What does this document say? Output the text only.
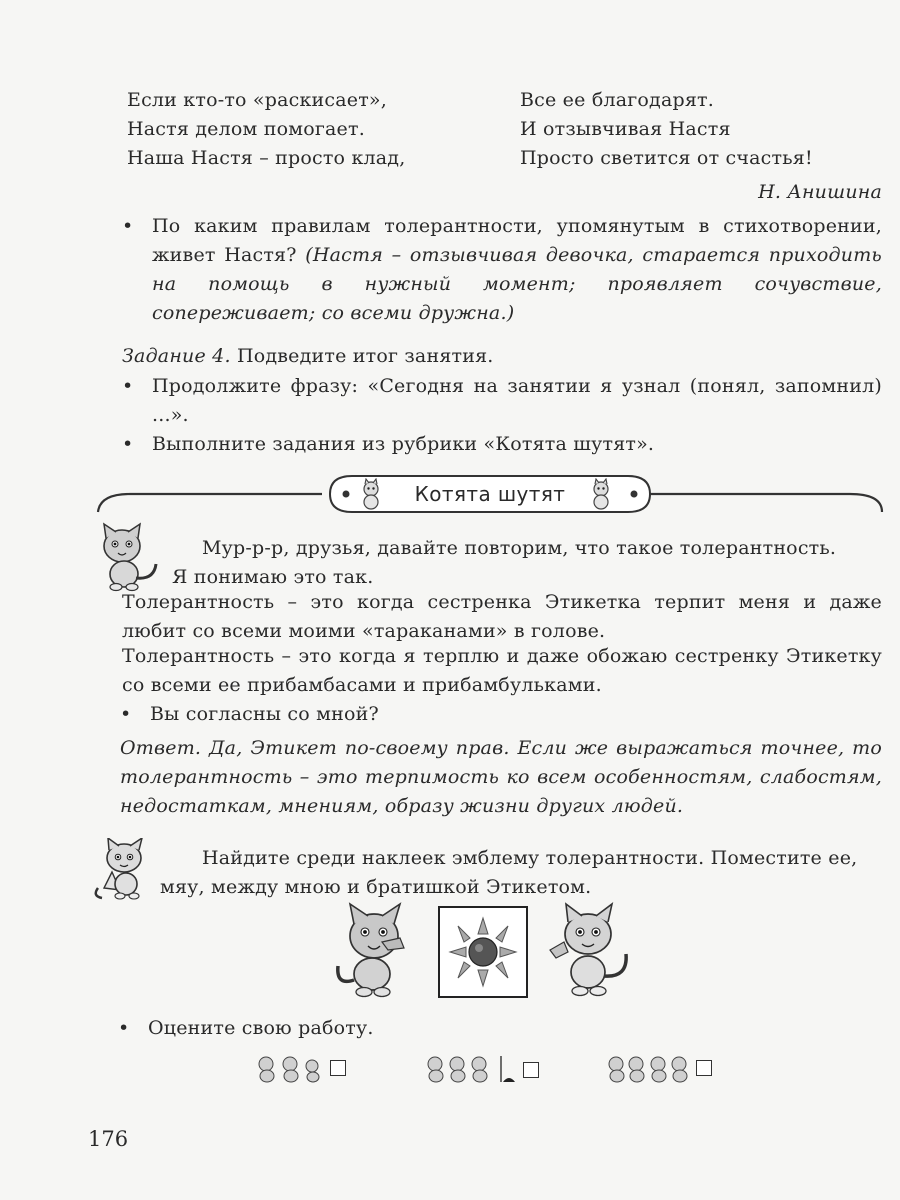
Если кто-то «раскисает»,
Настя делом помогает.
Наша Настя – просто клад,
Все ее благодарят.
И отзывчивая Настя
Просто светится от счастья!
Н. Анишина
• По каким правилам толерантности, упомянутым в стихотворении, живет Настя? (Настя – отзывчивая девочка, старается приходить на помощь в нужный момент; проявляет сочувствие, сопереживает; со всеми дружна.)
Задание 4. Подведите итог занятия.
• Продолжите фразу: «Сегодня на занятии я узнал (понял, запомнил) ...».
• Выполните задания из рубрики «Котята шутят».
Котята шутят
Мур-р-р, друзья, давайте повторим, что такое толерантность.
Я понимаю это так.
Толерантность – это когда сестренка Этикетка терпит меня и даже любит со всеми моими «тараканами» в голове.
Толерантность – это когда я терплю и даже обожаю сестренку Этикетку со всеми ее прибамбасами и прибамбульками.
• Вы согласны со мной?
Ответ. Да, Этикет по-своему прав. Если же выражаться точнее, то толерантность – это терпимость ко всем особенностям, слабостям, недостаткам, мнениям, образу жизни других людей.
Найдите среди наклеек эмблему толерантности. Поместите ее,
мяу, между мною и братишкой Этикетом.
• Оцените свою работу.
176
